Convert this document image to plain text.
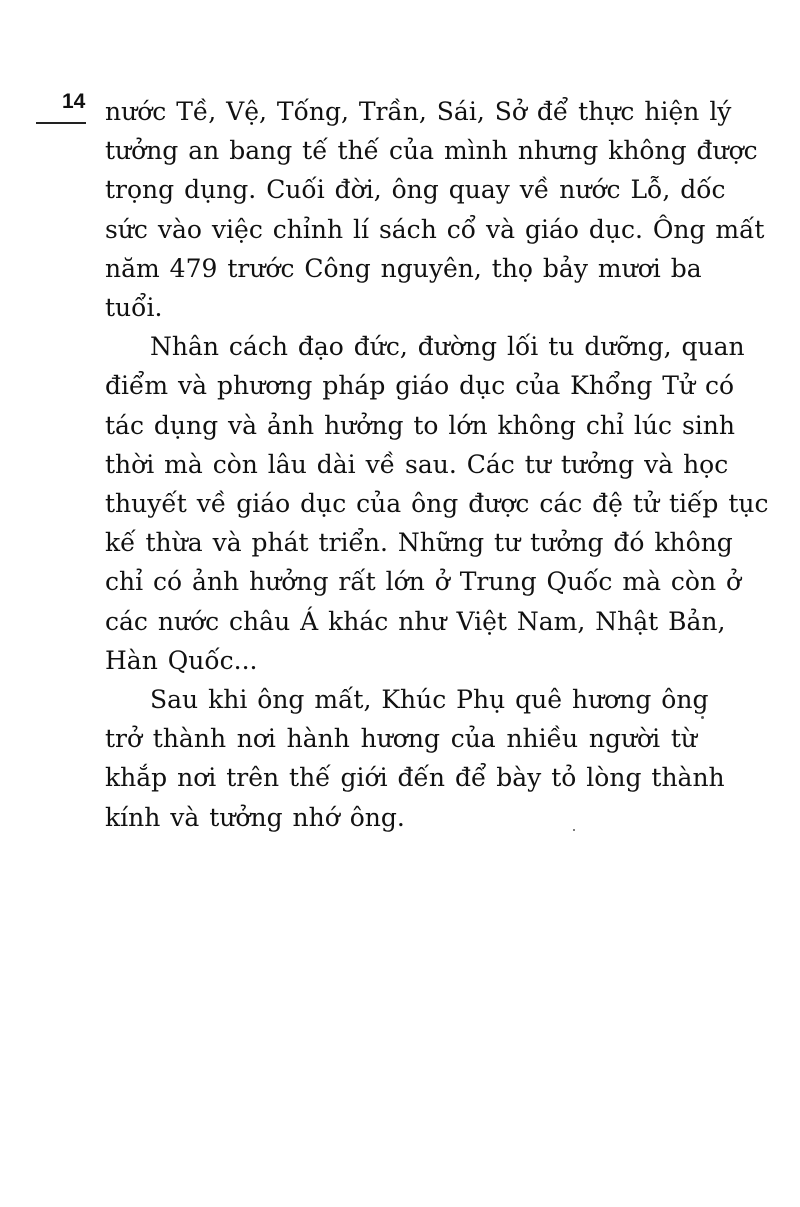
14 nước Tề, Vệ, Tống, Trần, Sái, Sở để thực hiện lý
tưởng an bang tế thế của mình nhưng không được
trọng dụng. Cuối đời, ông quay về nước Lỗ, dốc
sức vào việc chỉnh lí sách cổ và giáo dục. Ông mất
năm 479 trước Công nguyên, thọ bảy mươi ba
tuổi.

Nhân cách đạo đức, đường lối tu dưỡng, quan
điểm và phương pháp giáo dục của Khổng Tử có
tác dụng và ảnh hưởng to lớn không chỉ lúc sinh
thời mà còn lâu dài về sau. Các tư tưởng và học
thuyết về giáo dục của ông được các đệ tử tiếp tục
kế thừa và phát triển. Những tư tưởng đó không
chỉ có ảnh hưởng rất lớn ở Trung Quốc mà còn ở
các nước châu Á khác như Việt Nam, Nhật Bản,
Hàn Quốc...

Sau khi ông mất, Khúc Phụ quê hương ông
trở thành nơi hành hương của nhiều người từ
khắp nơi trên thế giới đến để bày tỏ lòng thành
kính và tưởng nhớ ông.
